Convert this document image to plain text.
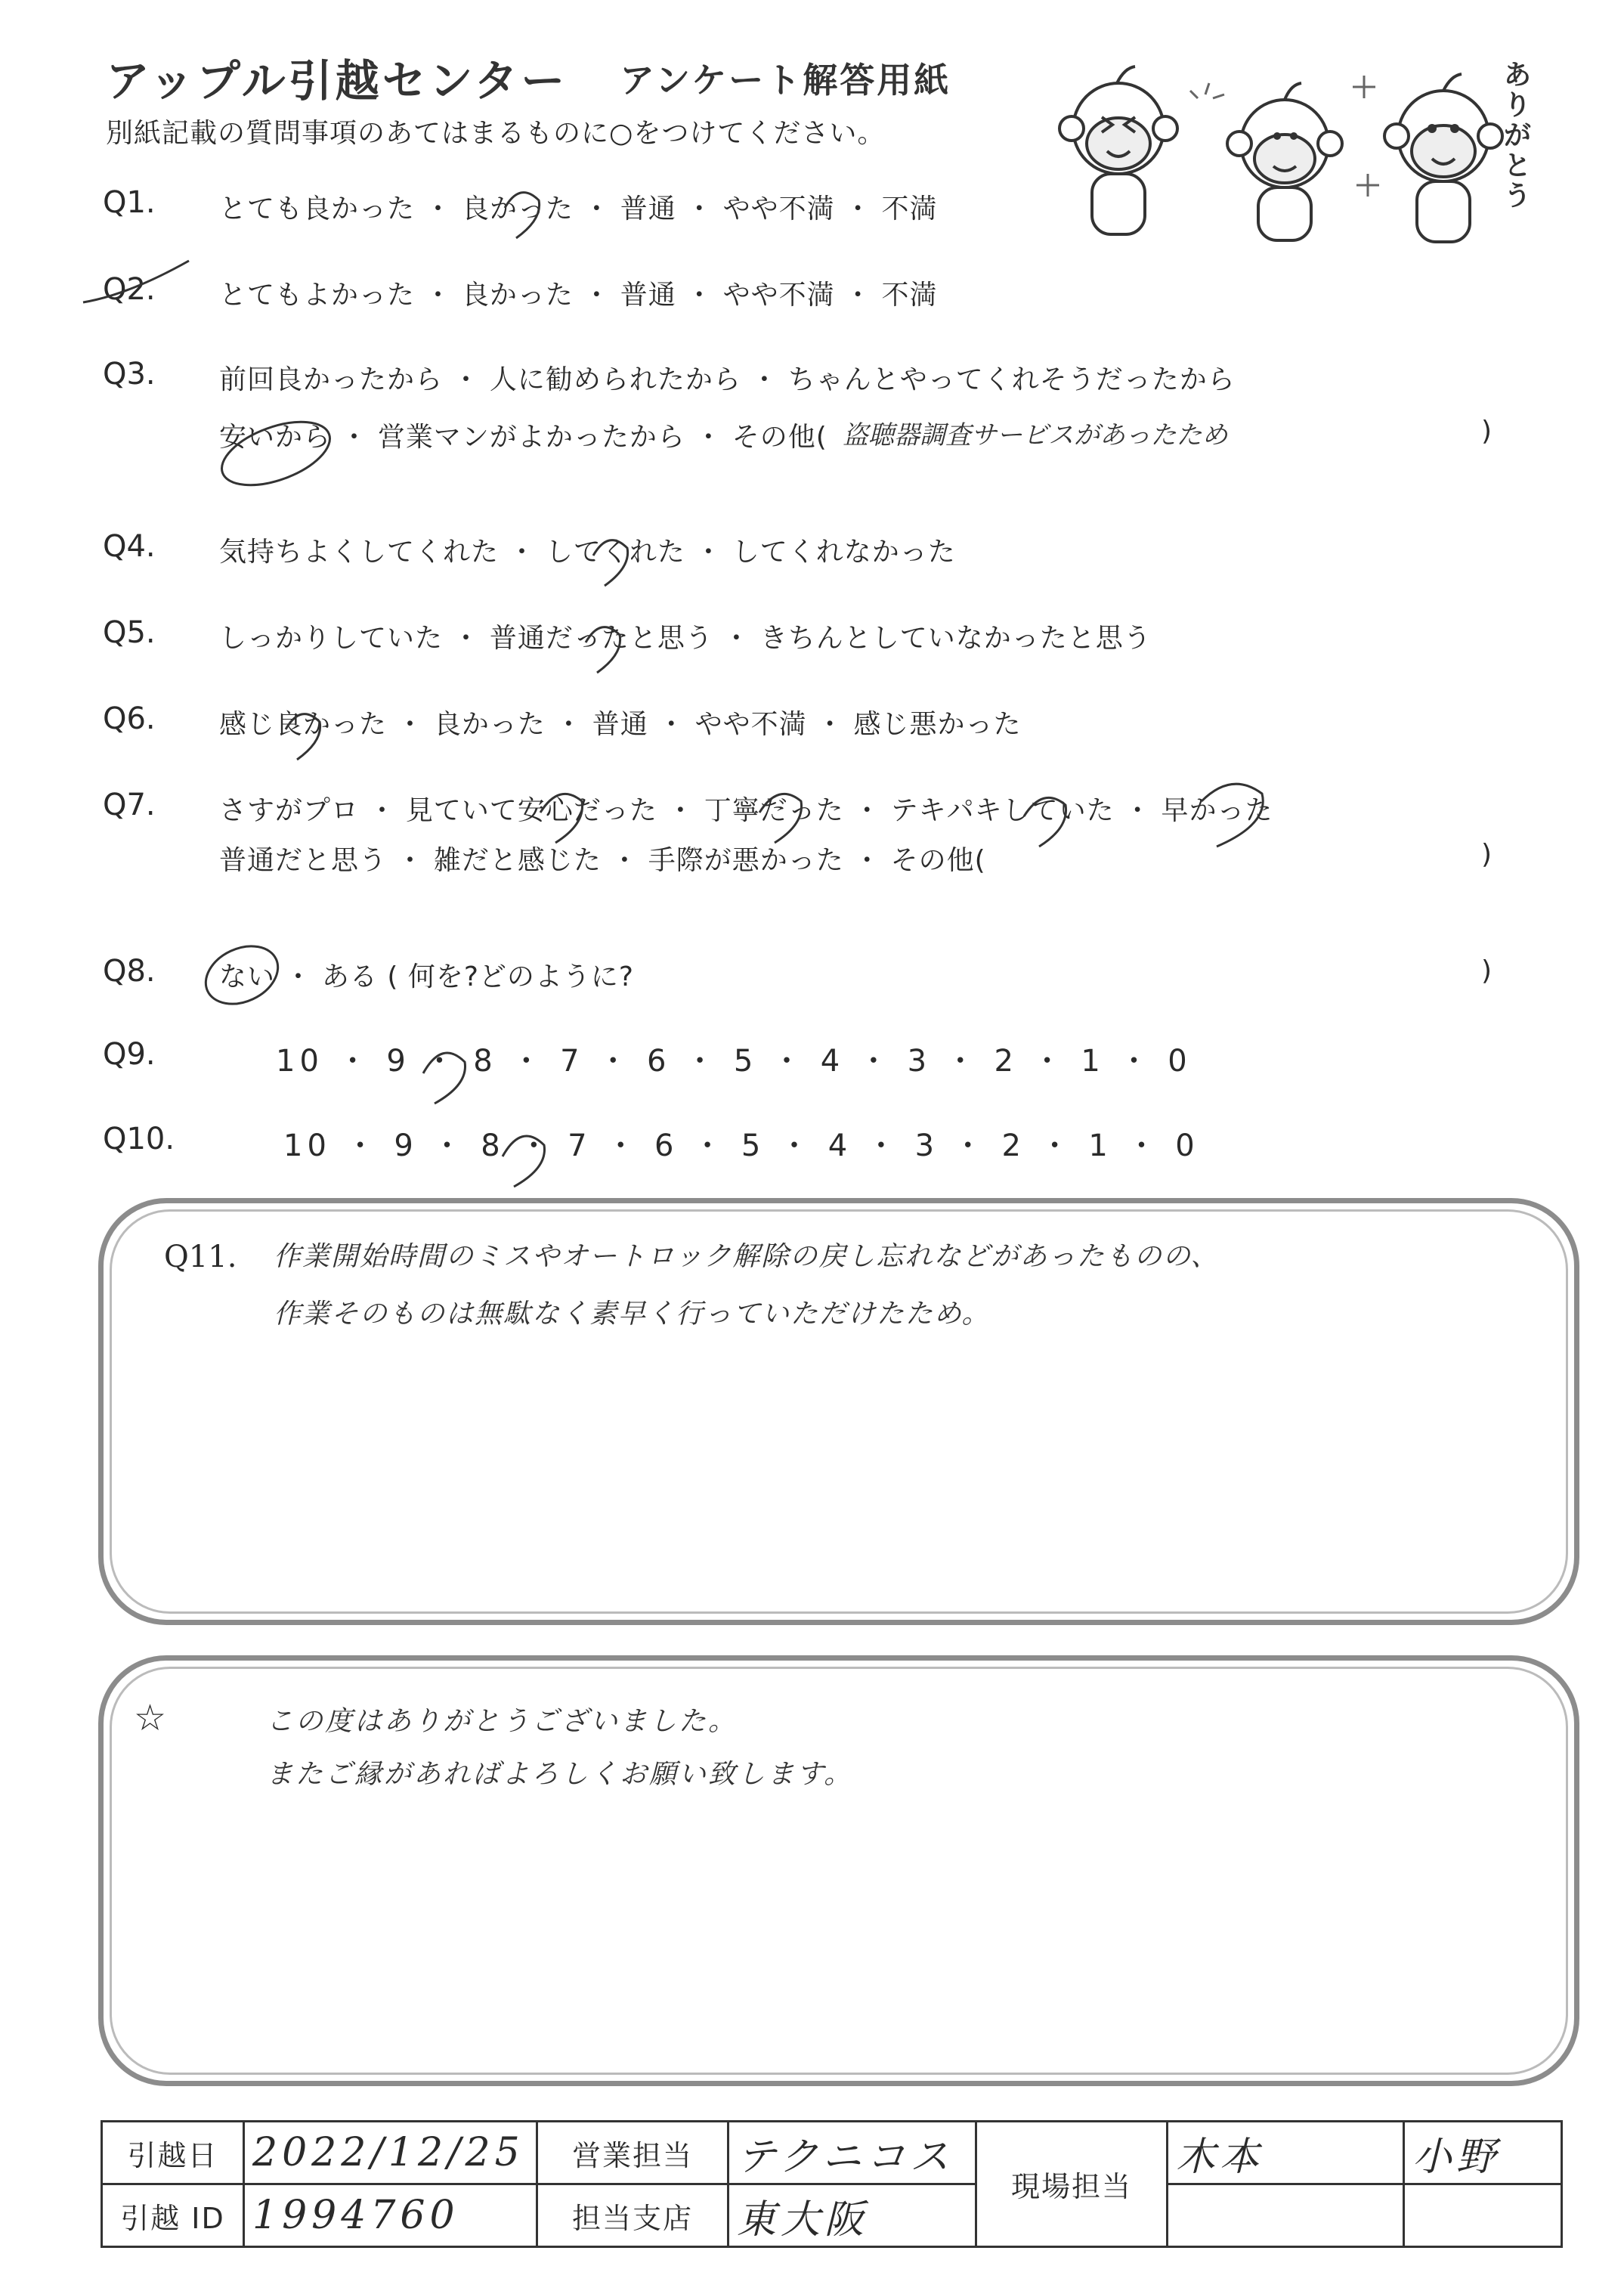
アップル引越センター アンケート解答用紙
別紙記載の質問事項のあてはまるものに○をつけてください。
ありがとう
Q1. とても良かった ・ 良かった ・ 普通 ・ やや不満 ・ 不満
Q2. とてもよかった ・ 良かった ・ 普通 ・ やや不満 ・ 不満
Q3. 前回良かったから ・ 人に勧められたから ・ ちゃんとやってくれそうだったから
安いから ・ 営業マンがよかったから ・ その他( 盗聴器調査サービスがあったため	)
Q4. 気持ちよくしてくれた ・ してくれた ・ してくれなかった
Q5. しっかりしていた ・ 普通だったと思う ・ きちんとしていなかったと思う
Q6. 感じ良かった ・ 良かった ・ 普通 ・ やや不満 ・ 感じ悪かった
Q7. さすがプロ ・ 見ていて安心だった ・ 丁寧だった ・ テキパキしていた ・ 早かった
普通だと思う ・ 雑だと感じた ・ 手際が悪かった ・ その他(	)
Q8. ない ・ ある ( 何を?どのように?	)
Q9.	10 ・ 9 ・ 8 ・ 7 ・ 6 ・ 5 ・ 4 ・ 3 ・ 2 ・ 1 ・ 0
Q10.	10 ・ 9 ・ 8 ・ 7 ・ 6 ・ 5 ・ 4 ・ 3 ・ 2 ・ 1 ・ 0
Q11. 作業開始時間のミスやオートロック解除の戻し忘れなどがあったものの、
作業そのものは無駄なく素早く行っていただけたため。
☆	この度はありがとうございました。
またご縁があればよろしくお願い致します。
引越日	2022/12/25	営業担当	テクニコス	現場担当	木本	小野
引越 ID	1994760	担当支店	東大阪			
